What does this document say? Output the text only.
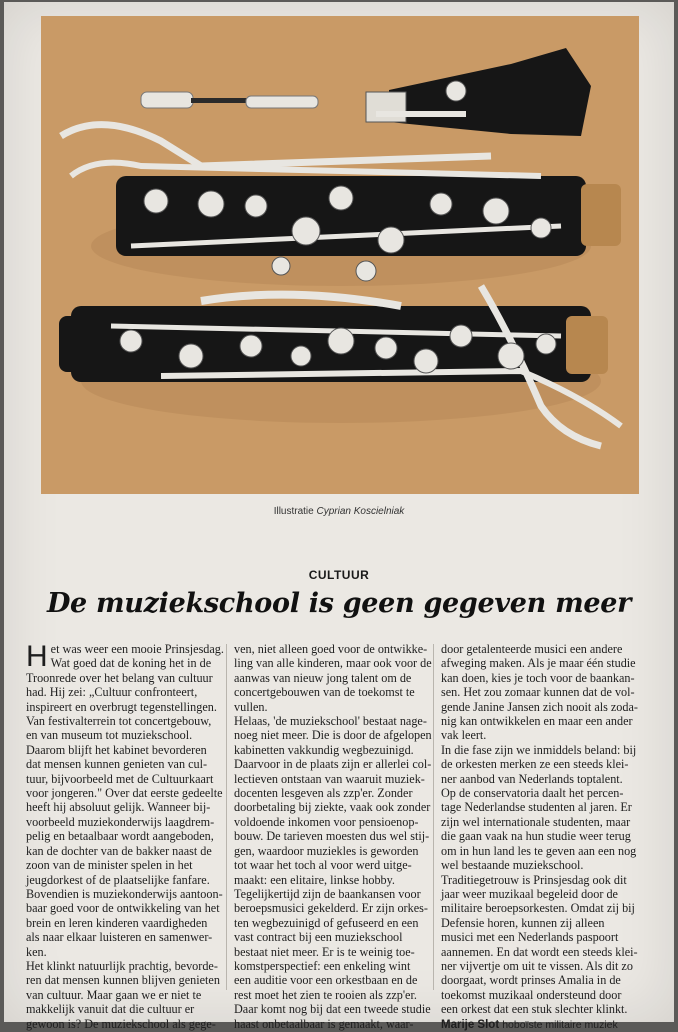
Illustratie Cyprian Koscielniak
CULTUUR
De muziekschool is geen gegeven meer
H et was weer een mooie Prinsjesdag.

Wat goed dat de koning het in de

Troonrede over het belang van cultuur

had. Hij zei: „Cultuur confronteert,

inspireert en overbrugt tegenstellingen.

Van festivalterrein tot concertgebouw,

en van museum tot muziekschool.

Daarom blijft het kabinet bevorderen

dat mensen kunnen genieten van cul-

tuur, bijvoorbeeld met de Cultuurkaart

voor jongeren." Over dat eerste gedeelte

heeft hij absoluut gelijk. Wanneer bij-

voorbeeld muziekonderwijs laagdrem-

pelig en betaalbaar wordt aangeboden,

kan de dochter van de bakker naast de

zoon van de minister spelen in het

jeugdorkest of de plaatselijke fanfare.

Bovendien is muziekonderwijs aantoon-

baar goed voor de ontwikkeling van het

brein en leren kinderen vaardigheden

als naar elkaar luisteren en samenwer-

ken.

Het klinkt natuurlijk prachtig, bevorde-

ren dat mensen kunnen blijven genieten

van cultuur. Maar gaan we er niet te

makkelijk vanuit dat die cultuur er

gewoon is? De muziekschool als gege-

ven, niet alleen goed voor de ontwikke-

ling van alle kinderen, maar ook voor de

aanwas van nieuw jong talent om de

concertgebouwen van de toekomst te

vullen.

Helaas, 'de muziekschool' bestaat nage-

noeg niet meer. Die is door de afgelopen

kabinetten vakkundig wegbezuinigd.

Daarvoor in de plaats zijn er allerlei col-

lectieven ontstaan van waaruit muziek-

docenten lesgeven als zzp'er. Zonder

doorbetaling bij ziekte, vaak ook zonder

voldoende inkomen voor pensioenop-

bouw. De tarieven moesten dus wel stij-

gen, waardoor muziekles is geworden

tot waar het toch al voor werd uitge-

maakt: een elitaire, linkse hobby.

Tegelijkertijd zijn de baankansen voor

beroepsmusici gekelderd. Er zijn orkes-

ten wegbezuinigd of gefuseerd en een

vast contract bij een muziekschool

bestaat niet meer. Er is te weinig toe-

komstperspectief: een enkeling wint

een auditie voor een orkestbaan en de

rest moet het zien te rooien als zzp'er.

Daar komt nog bij dat een tweede studie

haast onbetaalbaar is gemaakt, waar-

door getalenteerde musici een andere

afweging maken. Als je maar één studie

kan doen, kies je toch voor de baankan-

sen. Het zou zomaar kunnen dat de vol-

gende Janine Jansen zich nooit als zoda-

nig kan ontwikkelen en maar een ander

vak leert.

In die fase zijn we inmiddels beland: bij

de orkesten merken ze een steeds klei-

ner aanbod van Nederlands toptalent.

Op de conservatoria daalt het percen-

tage Nederlandse studenten al jaren. Er

zijn wel internationale studenten, maar

die gaan vaak na hun studie weer terug

om in hun land les te geven aan een nog

wel bestaande muziekschool.

Traditiegetrouw is Prinsjesdag ook dit

jaar weer muzikaal begeleid door de

militaire beroepsorkesten. Omdat zij bij

Defensie horen, kunnen zij alleen

musici met een Nederlands paspoort

aannemen. En dat wordt een steeds klei-

ner vijvertje om uit te vissen. Als dit zo

doorgaat, wordt prinses Amalia in de

toekomst muzikaal ondersteund door

een orkest dat een stuk slechter klinkt.

Marije Slot hoboïste militaire muziek
